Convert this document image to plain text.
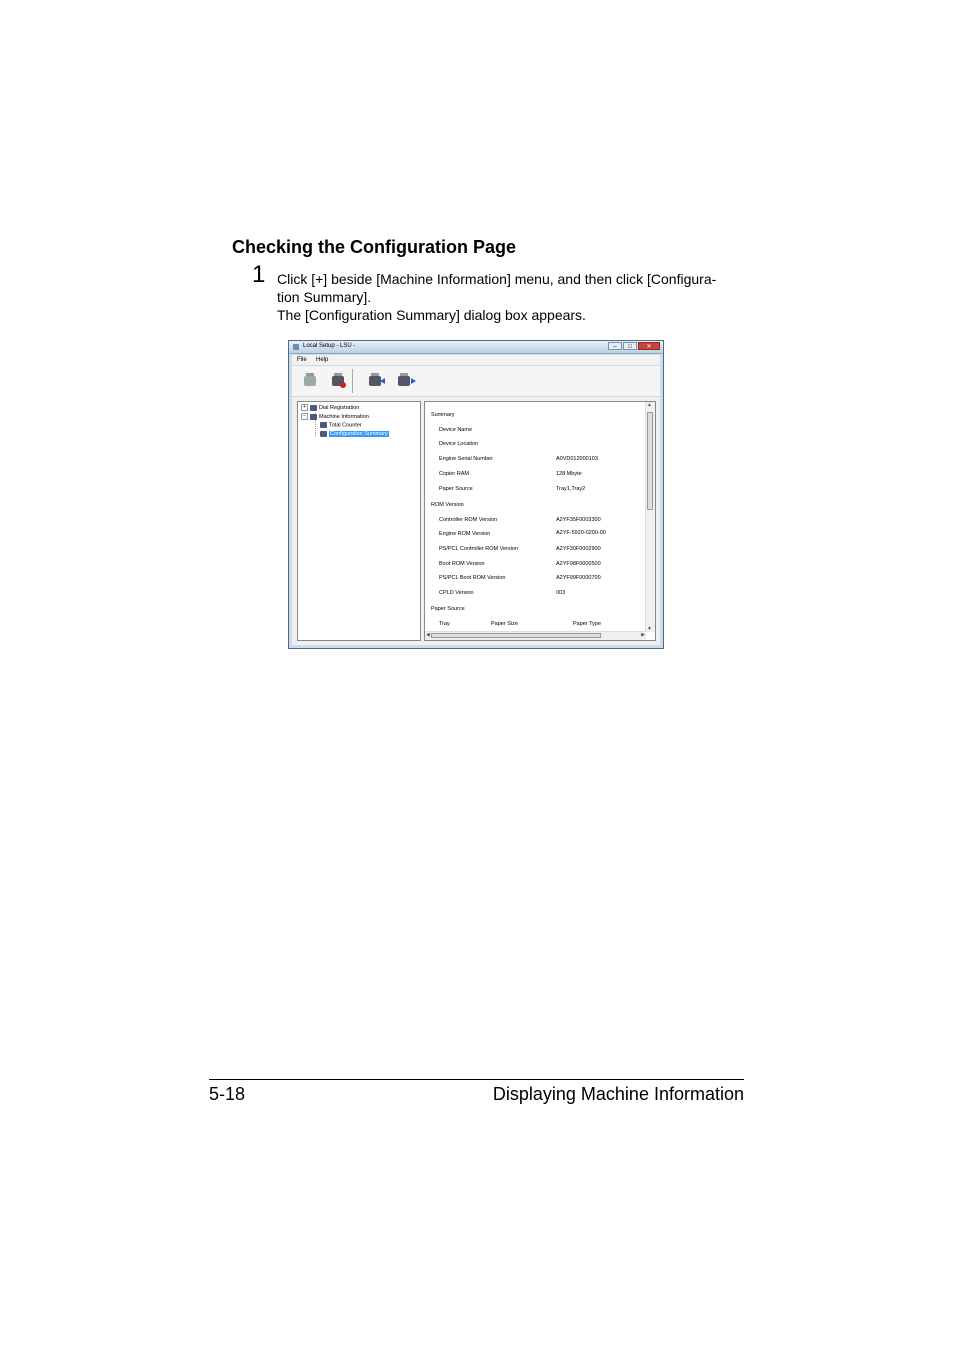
Checking the Configuration Page
1 Click [+] beside [Machine Information] menu, and then click [Configura-
tion Summary].
The [Configuration Summary] dialog box appears.
Local Setup - LSU -	–	□	✕
File Help
+ Dial Registration
− Machine Information
Total Counter
Configuration Summary
Summary
Device Name
Device Location
Engine Serial Number	A0VD012000103
Copier RAM	128 Mbyte
Paper Source	Tray1,Tray2
ROM Version
Controller ROM Version	A2YF35F0003300
Engine ROM Version	A2YF-5920-0200-00
PS/PCL Controller ROM Version	A2YF30F0002900
Boot ROM Version	A2YF98F0000500
PS/PCL Boot ROM Version	A2YF99F0000700
CPLD Version	003
Paper Source
Tray	Paper Size	Paper Type
▲
▼
◀	▶
5-18	Displaying Machine Information
